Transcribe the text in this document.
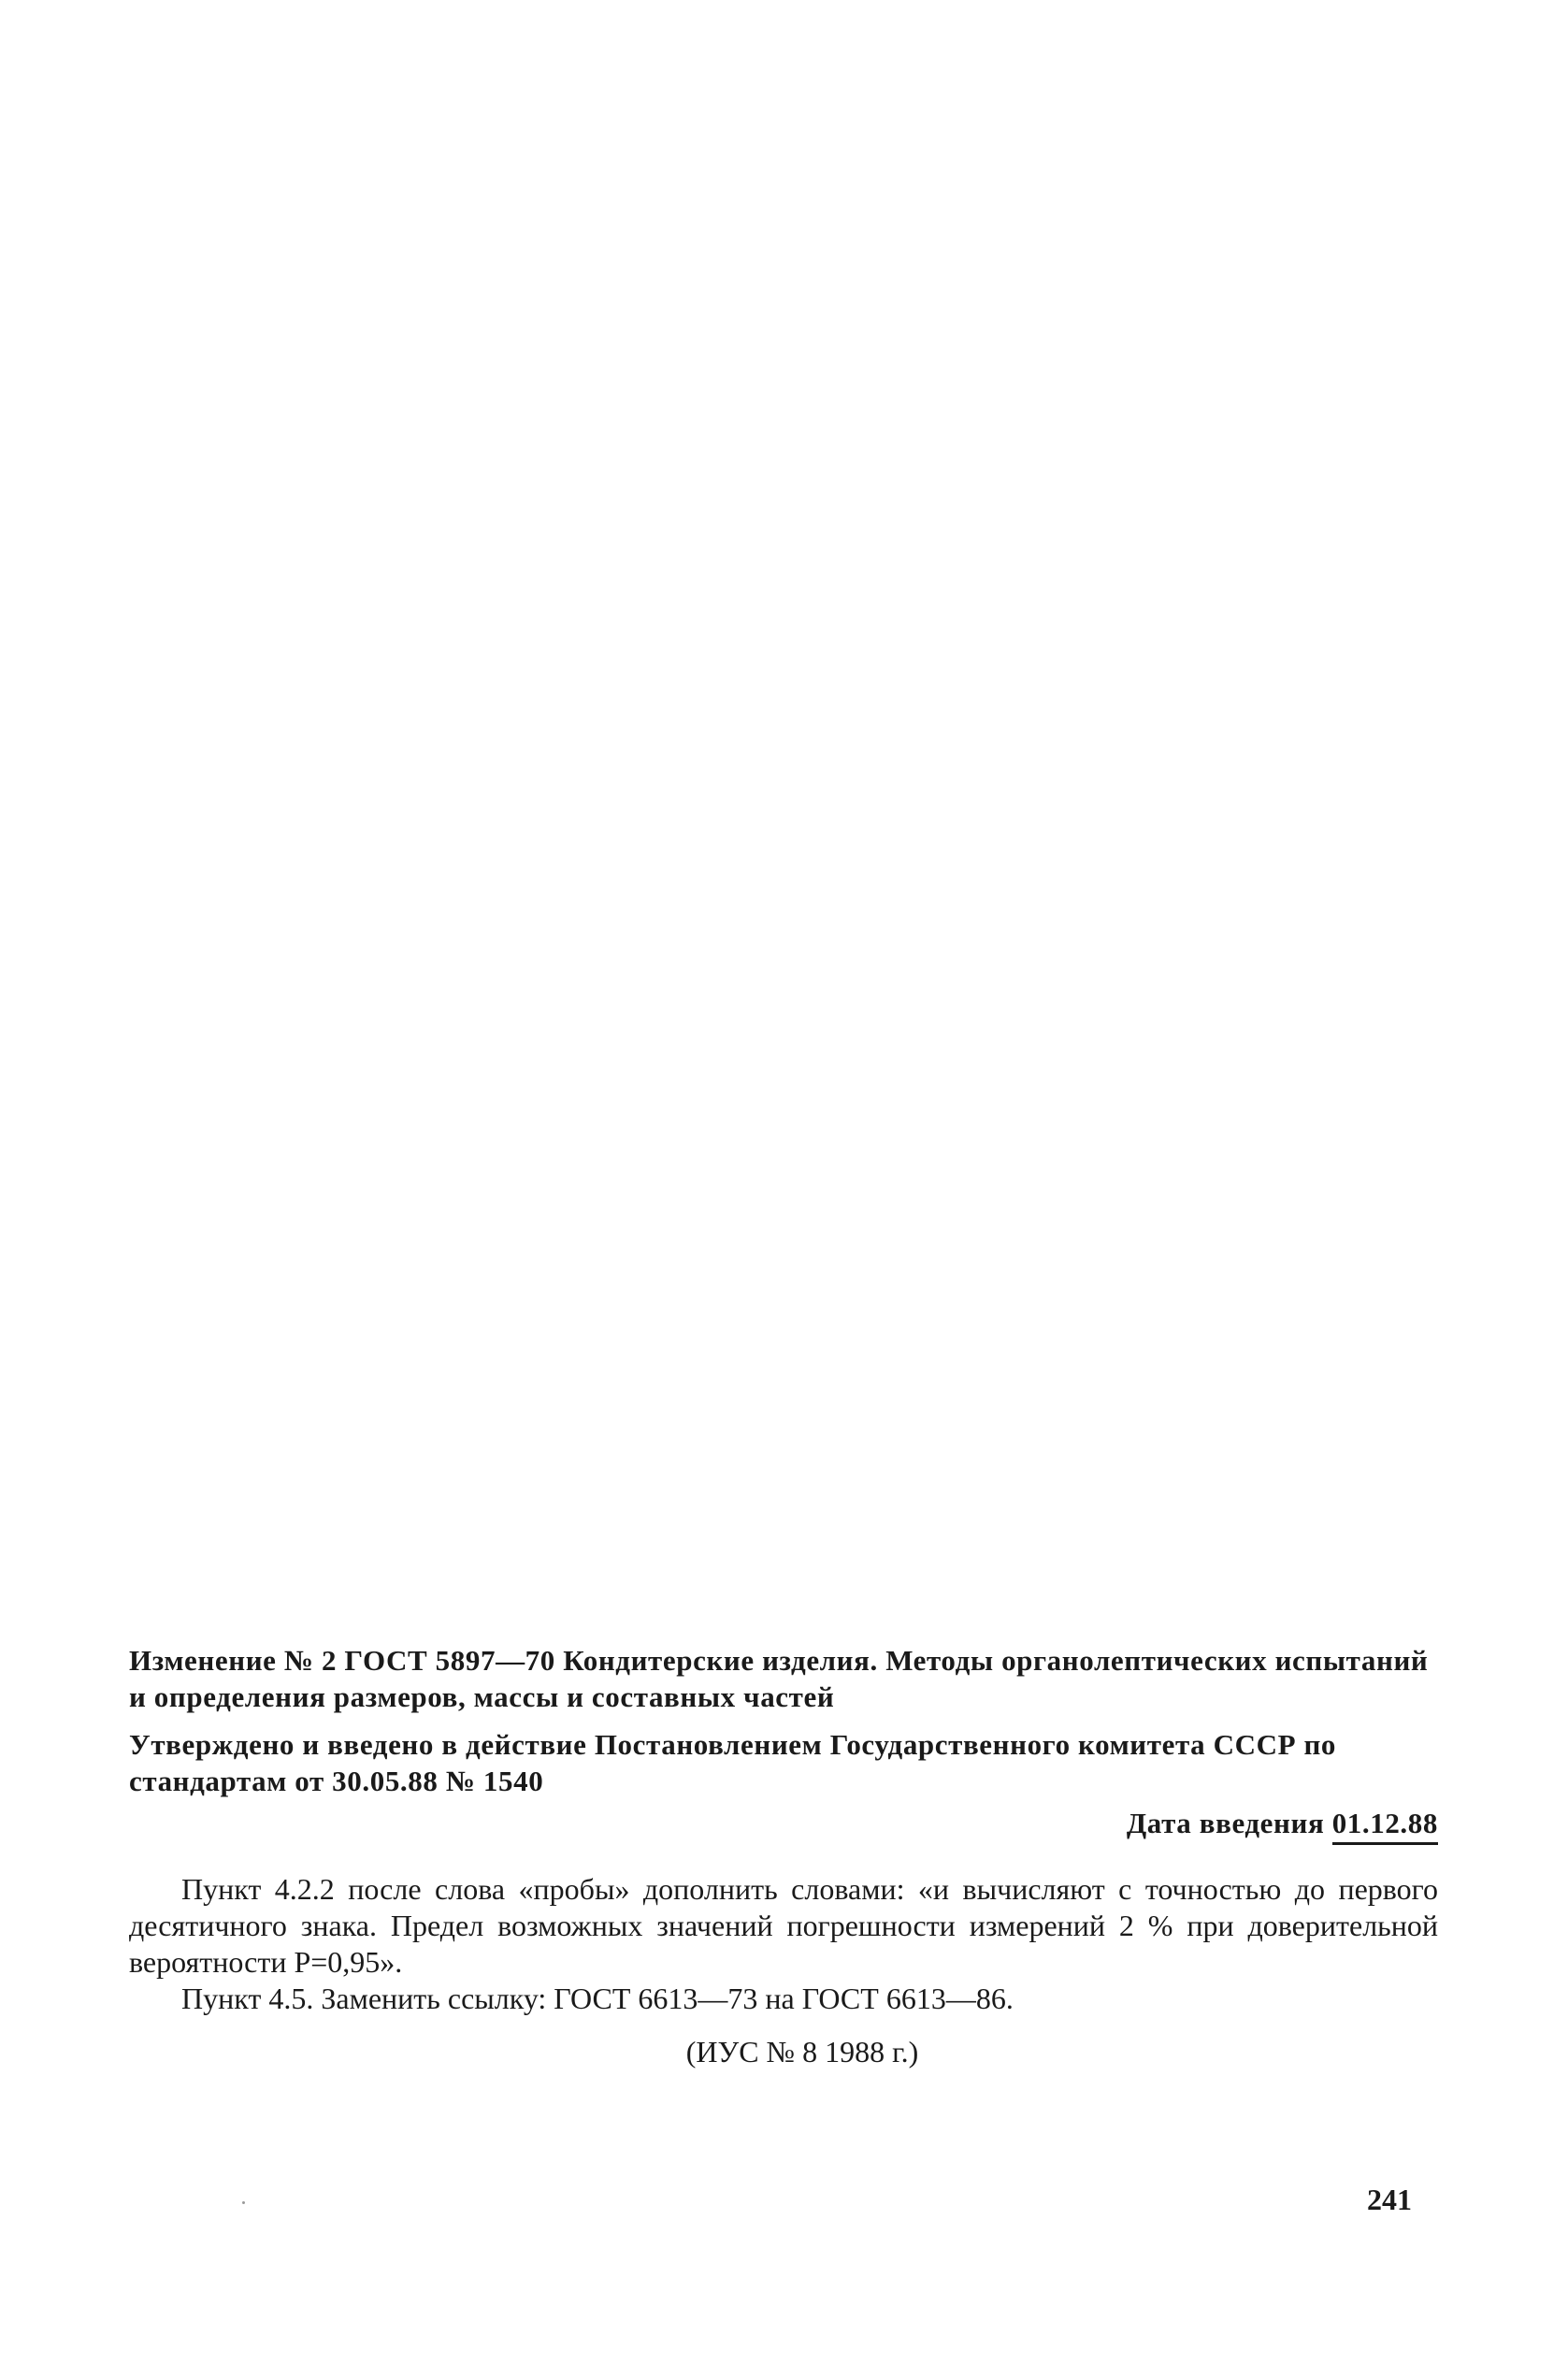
Изменение № 2 ГОСТ 5897—70 Кондитерские изделия. Методы органолептических испытаний и определения размеров, массы и составных частей

Утверждено и введено в действие Постановлением Государственного комитета СССР по стандартам от 30.05.88 № 1540

Дата введения 01.12.88

Пункт 4.2.2 после слова «пробы» дополнить словами: «и вычисляют с точностью до первого десятичного знака. Предел возможных значений погрешности измерений 2 % при доверительной вероятности P=0,95».

Пункт 4.5. Заменить ссылку: ГОСТ 6613—73 на ГОСТ 6613—86.

(ИУС № 8 1988 г.)
241
